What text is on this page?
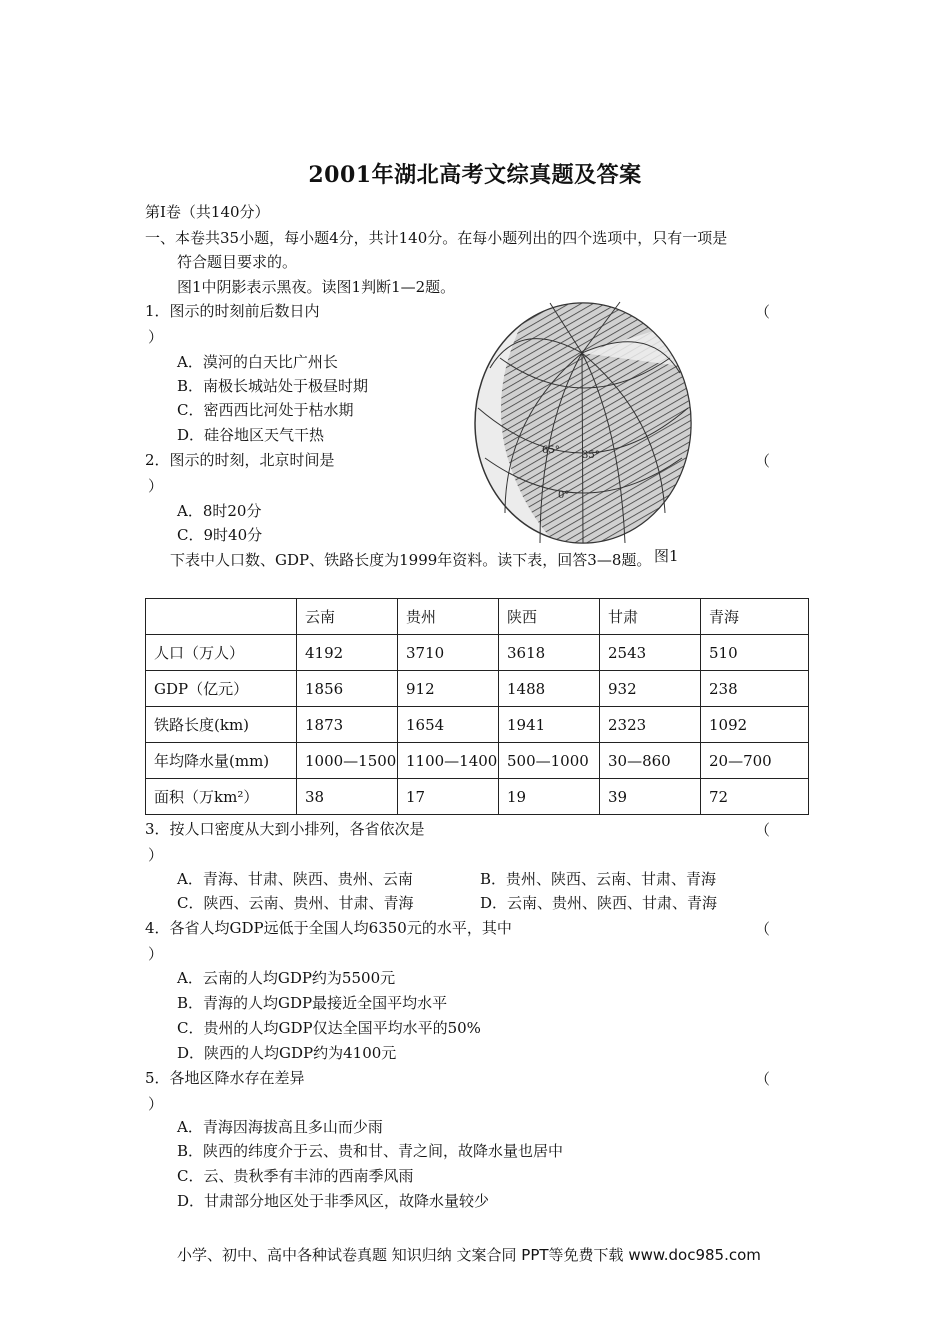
2001年湖北高考文综真题及答案
第Ⅰ卷（共140分）
一、本卷共35小题，每小题4分，共计140分。在每小题列出的四个选项中，只有一项是
符合题目要求的。
图1中阴影表示黑夜。读图1判断1—2题。
1．图示的时刻前后数日内	（
）
A．漠河的白天比广州长
B．南极长城站处于极昼时期
C．密西西比河处于枯水期
D．硅谷地区天气干热
2．图示的时刻，北京时间是	（
）
A．8时20分
C．9时40分
下表中人口数、GDP、铁路长度为1999年资料。读下表，回答3—8题。
65° 35°
0°
图1
	云南	贵州	陕西	甘肃	青海
人口（万人）	4192	3710	3618	2543	510
GDP（亿元）	1856	912	1488	932	238
铁路长度(km)	1873	1654	1941	2323	1092
年均降水量(mm)	1000—1500	1100—1400	500—1000	30—860	20—700
面积（万km²）	38	17	19	39	72
3．按人口密度从大到小排列，各省依次是	（
）
A．青海、甘肃、陕西、贵州、云南	B．贵州、陕西、云南、甘肃、青海
C．陕西、云南、贵州、甘肃、青海	D．云南、贵州、陕西、甘肃、青海
4．各省人均GDP远低于全国人均6350元的水平，其中	（
）
A．云南的人均GDP约为5500元
B．青海的人均GDP最接近全国平均水平
C．贵州的人均GDP仅达全国平均水平的50%
D．陕西的人均GDP约为4100元
5．各地区降水存在差异	（
）
A．青海因海拔高且多山而少雨
B．陕西的纬度介于云、贵和甘、青之间，故降水量也居中
C．云、贵秋季有丰沛的西南季风雨
D．甘肃部分地区处于非季风区，故降水量较少
小学、初中、高中各种试卷真题 知识归纳 文案合同 PPT等免费下载 www.doc985.com
